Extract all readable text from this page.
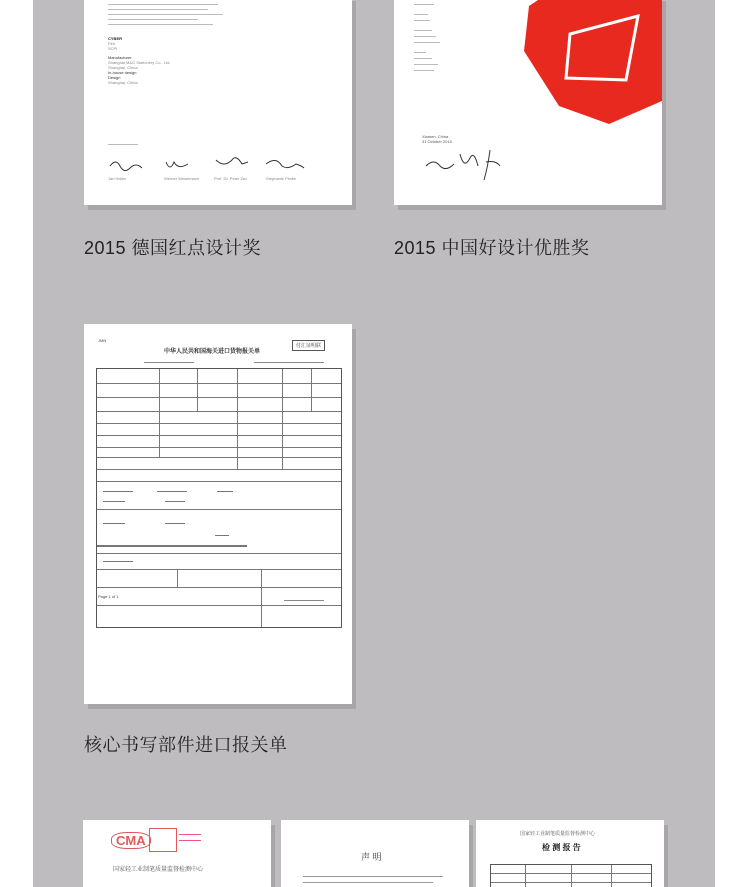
CYBER
Pen
SCPI
Manufacturer
Shanghai M&G Stationery Co., Ltd.
Shanghai, China
In-house design
Design
Shanghai, China
Jan Haller	Werner Weselmann	Prof. Dr. Peter Zec	Stephanie Plinke
2015 德国红点设计奖
Xiamen, China
31 October 2015
2015 中国好设计优胜奖
JMN
中华人民共和国海关进口货物报关单
付汇证明联
Page 1 of 1
核心书写部件进口报关单
CMA
国家轻工业制笔质量监督检测中心
声 明
国家轻工业制笔质量监督检测中心
检 测 报 告
